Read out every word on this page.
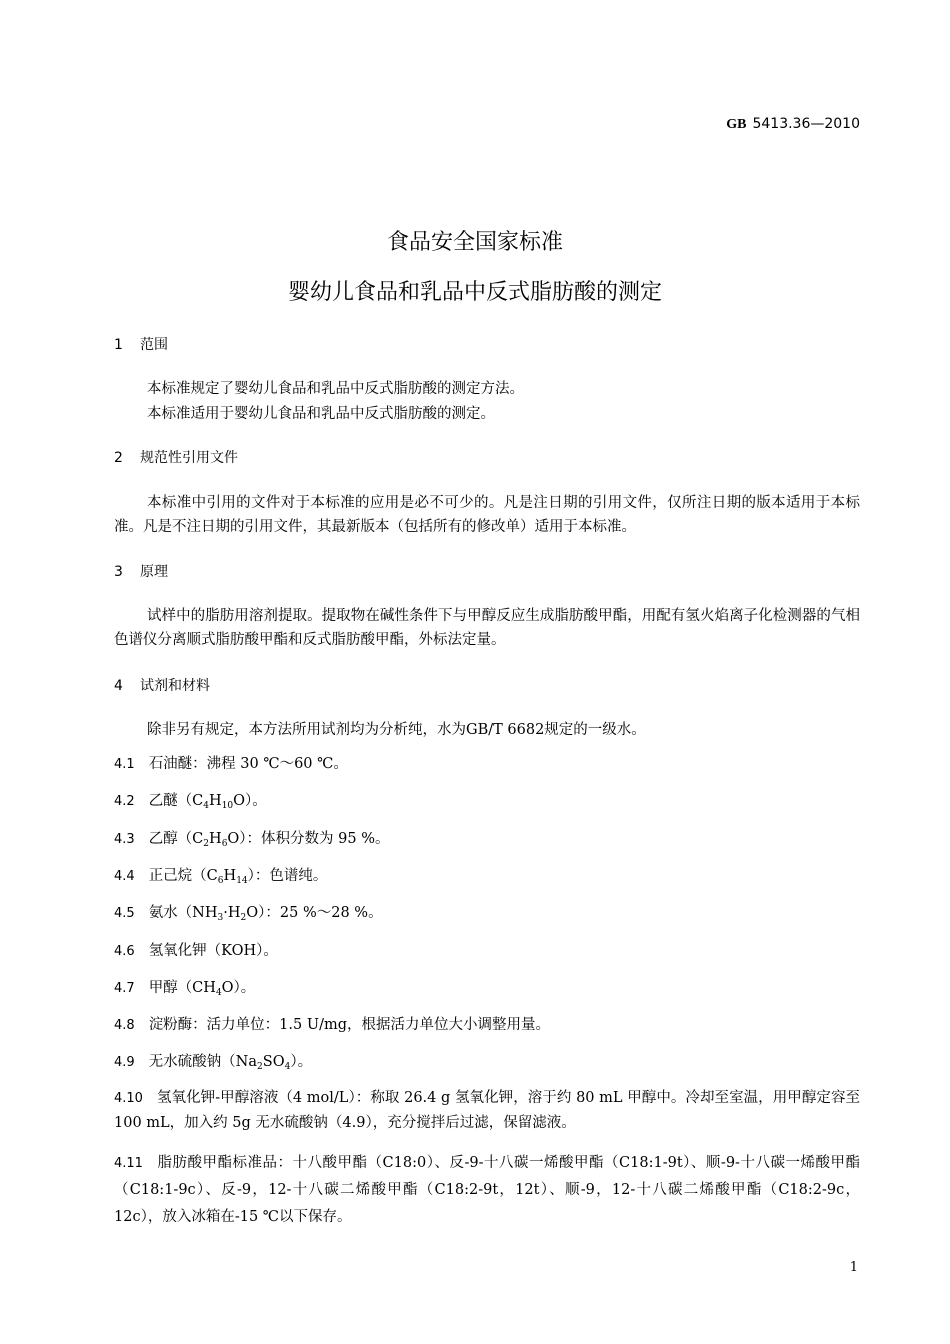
GB 5413.36—2010
食品安全国家标准
婴幼儿食品和乳品中反式脂肪酸的测定
1 范围
本标准规定了婴幼儿食品和乳品中反式脂肪酸的测定方法。
本标准适用于婴幼儿食品和乳品中反式脂肪酸的测定。
2 规范性引用文件
本标准中引用的文件对于本标准的应用是必不可少的。凡是注日期的引用文件，仅所注日期的版本适用于本标准。凡是不注日期的引用文件，其最新版本（包括所有的修改单）适用于本标准。
3 原理
试样中的脂肪用溶剂提取。提取物在碱性条件下与甲醇反应生成脂肪酸甲酯，用配有氢火焰离子化检测器的气相色谱仪分离顺式脂肪酸甲酯和反式脂肪酸甲酯，外标法定量。
4 试剂和材料
除非另有规定，本方法所用试剂均为分析纯，水为GB/T 6682规定的一级水。
4.1 石油醚：沸程 30 ℃～60 ℃。
4.2 乙醚$(C_4H_{10}O)$。
4.3 乙醇$(C_2H_6O)$：体积分数为 95 %。
4.4 正己烷$(C_6H_{14})$：色谱纯。
4.5 氨水$(NH_3\cdot H_2O)$：25 %～28 %。
4.6 氢氧化钾（KOH）。
4.7 甲醇$(CH_4O)$。
4.8 淀粉酶：活力单位：1.5 U/mg，根据活力单位大小调整用量。
4.9 无水硫酸钠$(Na_2SO_4)$。
4.10 氢氧化钾-甲醇溶液（4 mol/L）：称取 26.4 g 氢氧化钾，溶于约 80 mL 甲醇中。冷却至室温，用甲醇定容至 100 mL，加入约 5g 无水硫酸钠（4.9），充分搅拌后过滤，保留滤液。
4.11 脂肪酸甲酯标准品：十八酸甲酯（C18:0）、反-9-十八碳一烯酸甲酯（C18:1-9t）、顺-9-十八碳一烯酸甲酯（C18:1-9c）、反-9，12-十八碳二烯酸甲酯（C18:2-9t，12t）、顺-9，12-十八碳二烯酸甲酯（C18:2-9c，12c），放入冰箱在-15 ℃以下保存。
1
